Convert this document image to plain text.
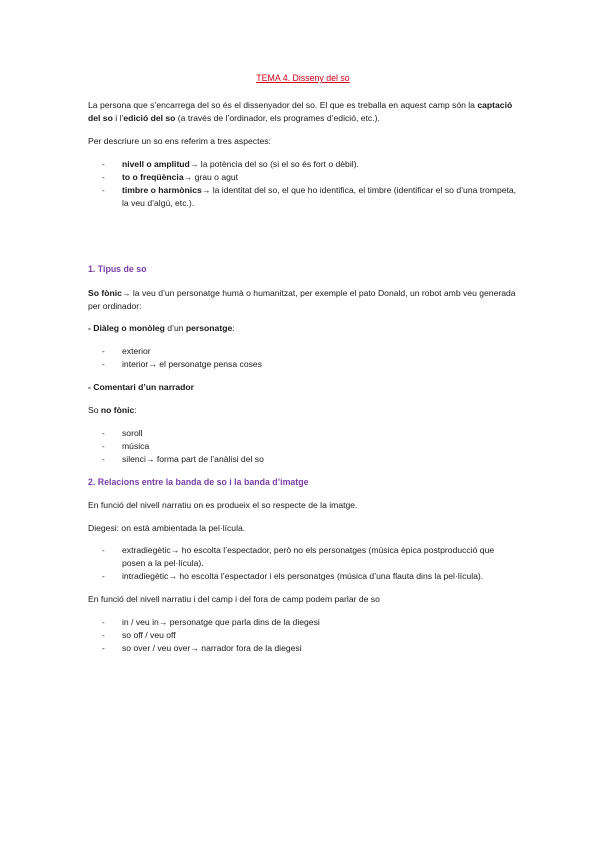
TEMA 4. Disseny del so

La persona que s’encarrega del so és el dissenyador del so. El que es treballa en aquest camp són la captació del so i l’edició del so (a través de l’ordinador, els programes d’edició, etc.).

Per descriure un so ens referim a tres aspectes:

- nivell o amplitud→ la potència del so (si el so és fort o dèbil).
- to o freqüència→ grau o agut
- timbre o harmònics→ la identitat del so, el que ho identifica, el timbre (identificar el so d’una trompeta, la veu d’algú, etc.).
1. Tipus de so

So fònic→ la veu d’un personatge humà o humanitzat, per exemple el pato Donald, un robot amb veu generada per ordinador:

- Diàleg o monòleg d’un personatge:

- exterior
- interior→ el personatge pensa coses

- Comentari d’un narrador

So no fònic:

- soroll
- música
- silenci→ forma part de l’anàlisi del so
2. Relacions entre la banda de so i la banda d’imatge

En funció del nivell narratiu on es produeix el so respecte de la imatge.

Diegesi: on està ambientada la pel·lícula.

- extradiegètic→ ho escolta l’espectador, però no els personatges (música èpica postproducció que posen a la pel·lícula).
- intradiegètic→ ho escolta l’espectador i els personatges (música d’una flauta dins la pel·lícula).

En funció del nivell narratiu i del camp i del fora de camp podem parlar de so

- in / veu in→ personatge que parla dins de la diegesi
- so off / veu off
- so over / veu over→ narrador fora de la diegesi
